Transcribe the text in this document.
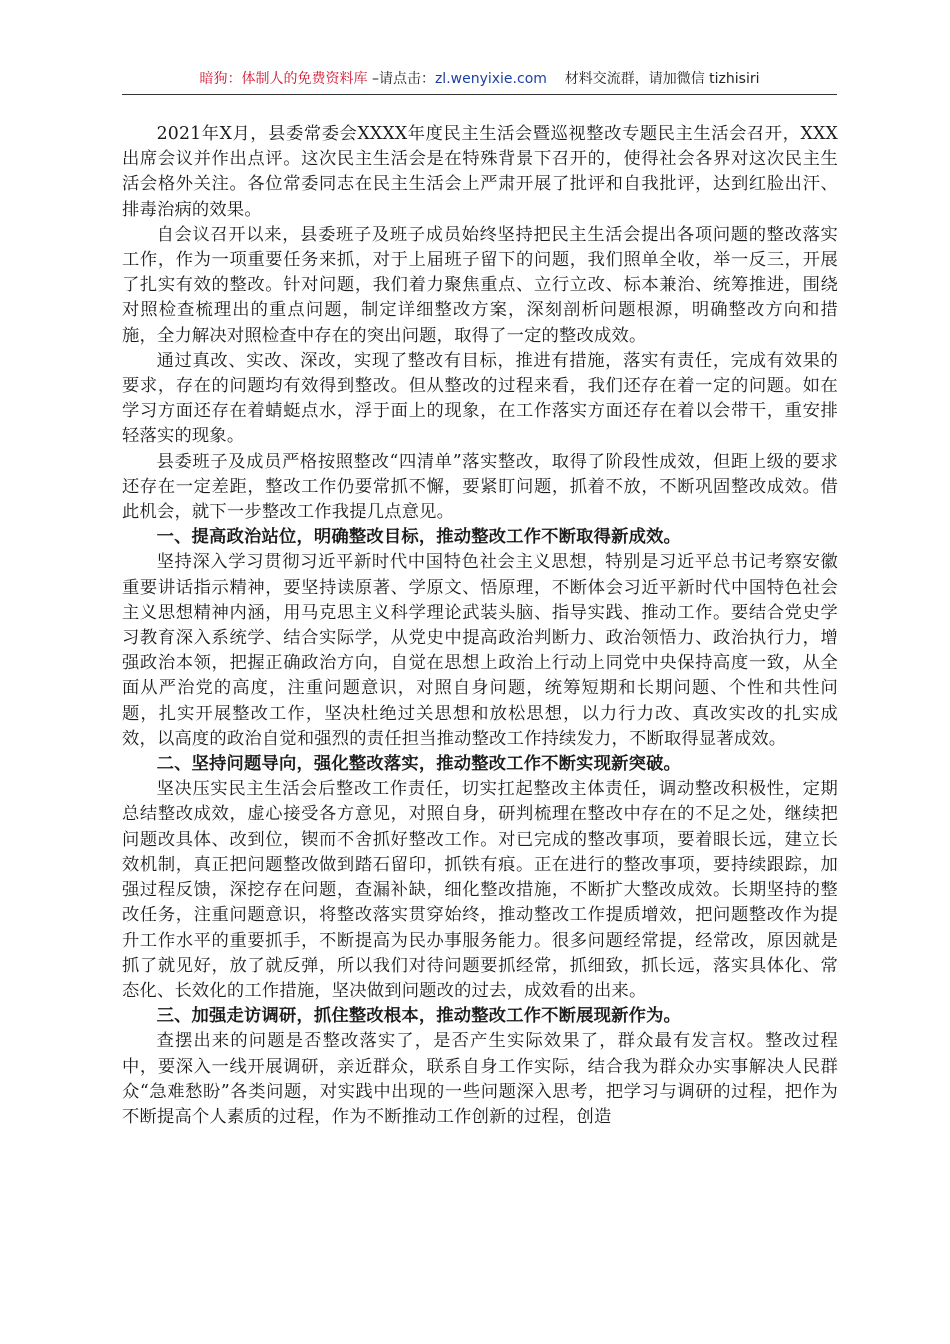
暗狗：体制人的免费资料库 –请点击：zl.wenyixie.com 材料交流群，请加微信 tizhisiri

2021年X月，县委常委会XXXX年度民主生活会暨巡视整改专题民主生活会召开，XXX出席会议并作出点评。这次民主生活会是在特殊背景下召开的，使得社会各界对这次民主生活会格外关注。各位常委同志在民主生活会上严肃开展了批评和自我批评，达到红脸出汗、排毒治病的效果。

自会议召开以来，县委班子及班子成员始终坚持把民主生活会提出各项问题的整改落实工作，作为一项重要任务来抓，对于上届班子留下的问题，我们照单全收，举一反三，开展了扎实有效的整改。针对问题，我们着力聚焦重点、立行立改、标本兼治、统筹推进，围绕对照检查梳理出的重点问题，制定详细整改方案，深刻剖析问题根源，明确整改方向和措施，全力解决对照检查中存在的突出问题，取得了一定的整改成效。

通过真改、实改、深改，实现了整改有目标，推进有措施，落实有责任，完成有效果的要求，存在的问题均有效得到整改。但从整改的过程来看，我们还存在着一定的问题。如在学习方面还存在着蜻蜓点水，浮于面上的现象，在工作落实方面还存在着以会带干，重安排轻落实的现象。

县委班子及成员严格按照整改“四清单”落实整改，取得了阶段性成效，但距上级的要求还存在一定差距，整改工作仍要常抓不懈，要紧盯问题，抓着不放，不断巩固整改成效。借此机会，就下一步整改工作我提几点意见。

一、提高政治站位，明确整改目标，推动整改工作不断取得新成效。

坚持深入学习贯彻习近平新时代中国特色社会主义思想，特别是习近平总书记考察安徽重要讲话指示精神，要坚持读原著、学原文、悟原理，不断体会习近平新时代中国特色社会主义思想精神内涵，用马克思主义科学理论武装头脑、指导实践、推动工作。要结合党史学习教育深入系统学、结合实际学，从党史中提高政治判断力、政治领悟力、政治执行力，增强政治本领，把握正确政治方向，自觉在思想上政治上行动上同党中央保持高度一致，从全面从严治党的高度，注重问题意识，对照自身问题，统筹短期和长期问题、个性和共性问题，扎实开展整改工作，坚决杜绝过关思想和放松思想，以力行力改、真改实改的扎实成效，以高度的政治自觉和强烈的责任担当推动整改工作持续发力，不断取得显著成效。

二、坚持问题导向，强化整改落实，推动整改工作不断实现新突破。

坚决压实民主生活会后整改工作责任，切实扛起整改主体责任，调动整改积极性，定期总结整改成效，虚心接受各方意见，对照自身，研判梳理在整改中存在的不足之处，继续把问题改具体、改到位，锲而不舍抓好整改工作。对已完成的整改事项，要着眼长远，建立长效机制，真正把问题整改做到踏石留印，抓铁有痕。正在进行的整改事项，要持续跟踪，加强过程反馈，深挖存在问题，查漏补缺，细化整改措施，不断扩大整改成效。长期坚持的整改任务，注重问题意识，将整改落实贯穿始终，推动整改工作提质增效，把问题整改作为提升工作水平的重要抓手，不断提高为民办事服务能力。很多问题经常提，经常改，原因就是抓了就见好，放了就反弹，所以我们对待问题要抓经常，抓细致，抓长远，落实具体化、常态化、长效化的工作措施，坚决做到问题改的过去，成效看的出来。

三、加强走访调研，抓住整改根本，推动整改工作不断展现新作为。

查摆出来的问题是否整改落实了，是否产生实际效果了，群众最有发言权。整改过程中，要深入一线开展调研，亲近群众，联系自身工作实际，结合我为群众办实事解决人民群众“急难愁盼”各类问题，对实践中出现的一些问题深入思考，把学习与调研的过程，把作为不断提高个人素质的过程，作为不断推动工作创新的过程，创造
